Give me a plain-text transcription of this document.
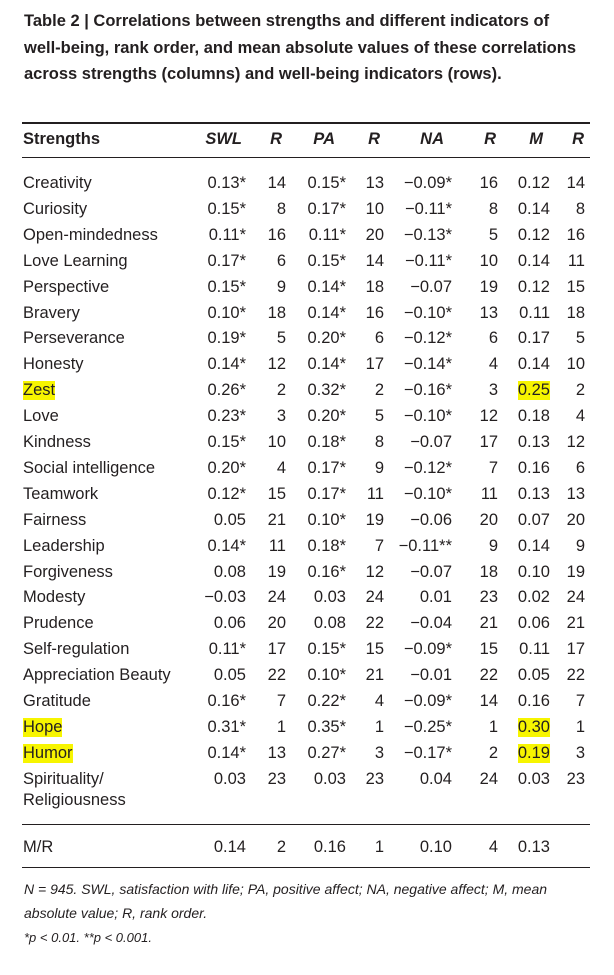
Table 2 | Correlations between strengths and different indicators of well-being, rank order, and mean absolute values of these correlations across strengths (columns) and well-being indicators (rows).

Strengths	SWL R PA R NA R M R
Creativity	0.13* 14 0.15* 13 −0.09* 16 0.12 14
Curiosity	0.15* 8 0.17* 10 −0.11* 8 0.14 8
Open-mindedness	0.11* 16 0.11* 20 −0.13* 5 0.12 16
Love Learning	0.17* 6 0.15* 14 −0.11* 10 0.14 11
Perspective	0.15* 9 0.14* 18 −0.07 19 0.12 15
Bravery	0.10* 18 0.14* 16 −0.10* 13 0.11 18
Perseverance	0.19* 5 0.20* 6 −0.12* 6 0.17 5
Honesty	0.14* 12 0.14* 17 −0.14* 4 0.14 10
Zest	0.26* 2 0.32* 2 −0.16* 3 0.25 2
Love	0.23* 3 0.20* 5 −0.10* 12 0.18 4
Kindness	0.15* 10 0.18* 8 −0.07 17 0.13 12
Social intelligence	0.20* 4 0.17* 9 −0.12* 7 0.16 6
Teamwork	0.12* 15 0.17* 11 −0.10* 11 0.13 13
Fairness	0.05 21 0.10* 19 −0.06 20 0.07 20
Leadership	0.14* 11 0.18* 7 −0.11** 9 0.14 9
Forgiveness	0.08 19 0.16* 12 −0.07 18 0.10 19
Modesty	−0.03 24 0.03 24 0.01 23 0.02 24
Prudence	0.06 20 0.08 22 −0.04 21 0.06 21
Self-regulation	0.11* 17 0.15* 15 −0.09* 15 0.11 17
Appreciation Beauty	0.05 22 0.10* 21 −0.01 22 0.05 22
Gratitude	0.16* 7 0.22* 4 −0.09* 14 0.16 7
Hope	0.31* 1 0.35* 1 −0.25* 1 0.30 1
Humor	0.14* 13 0.27* 3 −0.17* 2 0.19 3
Spirituality/
Religiousness
0.03 23 0.03 23 0.04 24 0.03 23
M/R	0.14 2 0.16 1 0.10 4 0.13

N = 945. SWL, satisfaction with life; PA, positive affect; NA, negative affect; M, mean absolute value; R, rank order.
*p < 0.01. **p < 0.001.
